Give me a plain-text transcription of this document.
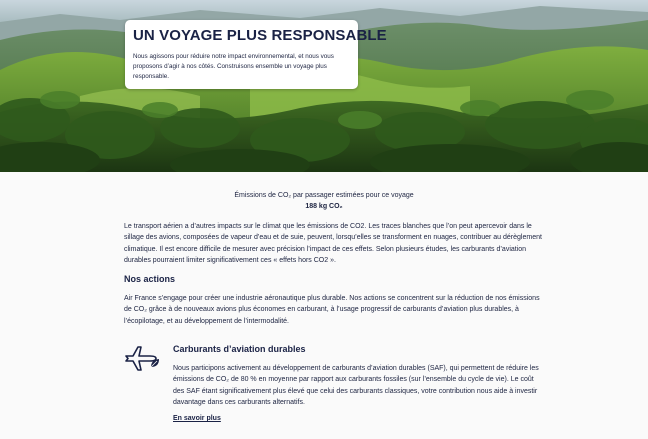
UN VOYAGE PLUS RESPONSABLE
Nous agissons pour réduire notre impact environnemental, et nous vous proposons d’agir à nos côtés. Construisons ensemble un voyage plus responsable.
Émissions de CO₂ par passager estimées pour ce voyage
188 kg CO₂

Le transport aérien a d’autres impacts sur le climat que les émissions de CO2. Les traces blanches que l’on peut apercevoir dans le sillage des avions, composées de vapeur d’eau et de suie, peuvent, lorsqu’elles se transforment en nuages, contribuer au dérèglement climatique. Il est encore difficile de mesurer avec précision l’impact de ces effets. Selon plusieurs études, les carburants d’aviation durables pourraient limiter significativement ces « effets hors CO2 ».

Nos actions

Air France s’engage pour créer une industrie aéronautique plus durable. Nos actions se concentrent sur la réduction de nos émissions de CO₂ grâce à de nouveaux avions plus économes en carburant, à l’usage progressif de carburants d’aviation plus durables, à l’écopilotage, et au développement de l’intermodalité.

Carburants d’aviation durables

Nous participons activement au développement de carburants d’aviation durables (SAF), qui permettent de réduire les émissions de CO₂ de 80 % en moyenne par rapport aux carburants fossiles (sur l’ensemble du cycle de vie). Le coût des SAF étant significativement plus élevé que celui des carburants classiques, votre contribution nous aide à investir davantage dans ces carburants alternatifs.

En savoir plus
